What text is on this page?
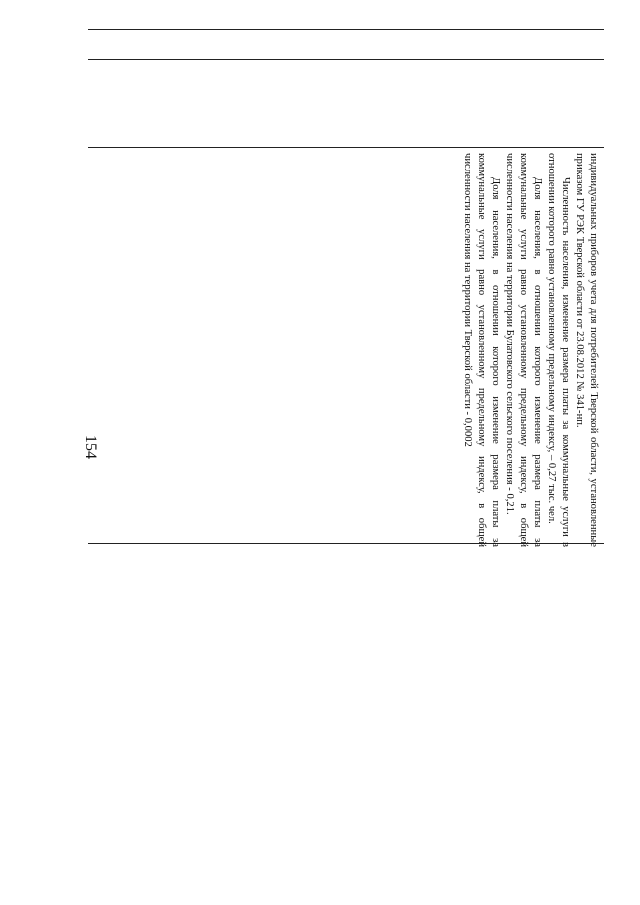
154	индивидуальных приборов учета для потребителей Тверской области, установленные приказом ГУ РЭК Тверской области от 23.08.2012 № 341-нп.

Численность населения, изменение размера платы за коммунальные услуги в отношении которого равно установленному предельному индексу, – 0,27 тыс. чел.

Доля населения, в отношении которого изменение размера платы за коммунальные услуги равно установленному предельному индексу, в общей численности населения на территории Булатовского сельского поселения - 0,21.

Доля населения, в отношении которого изменение размера платы за коммунальные услуги равно установленному предельному индексу, в общей численности населения на территории Тверской области - 0,0002
